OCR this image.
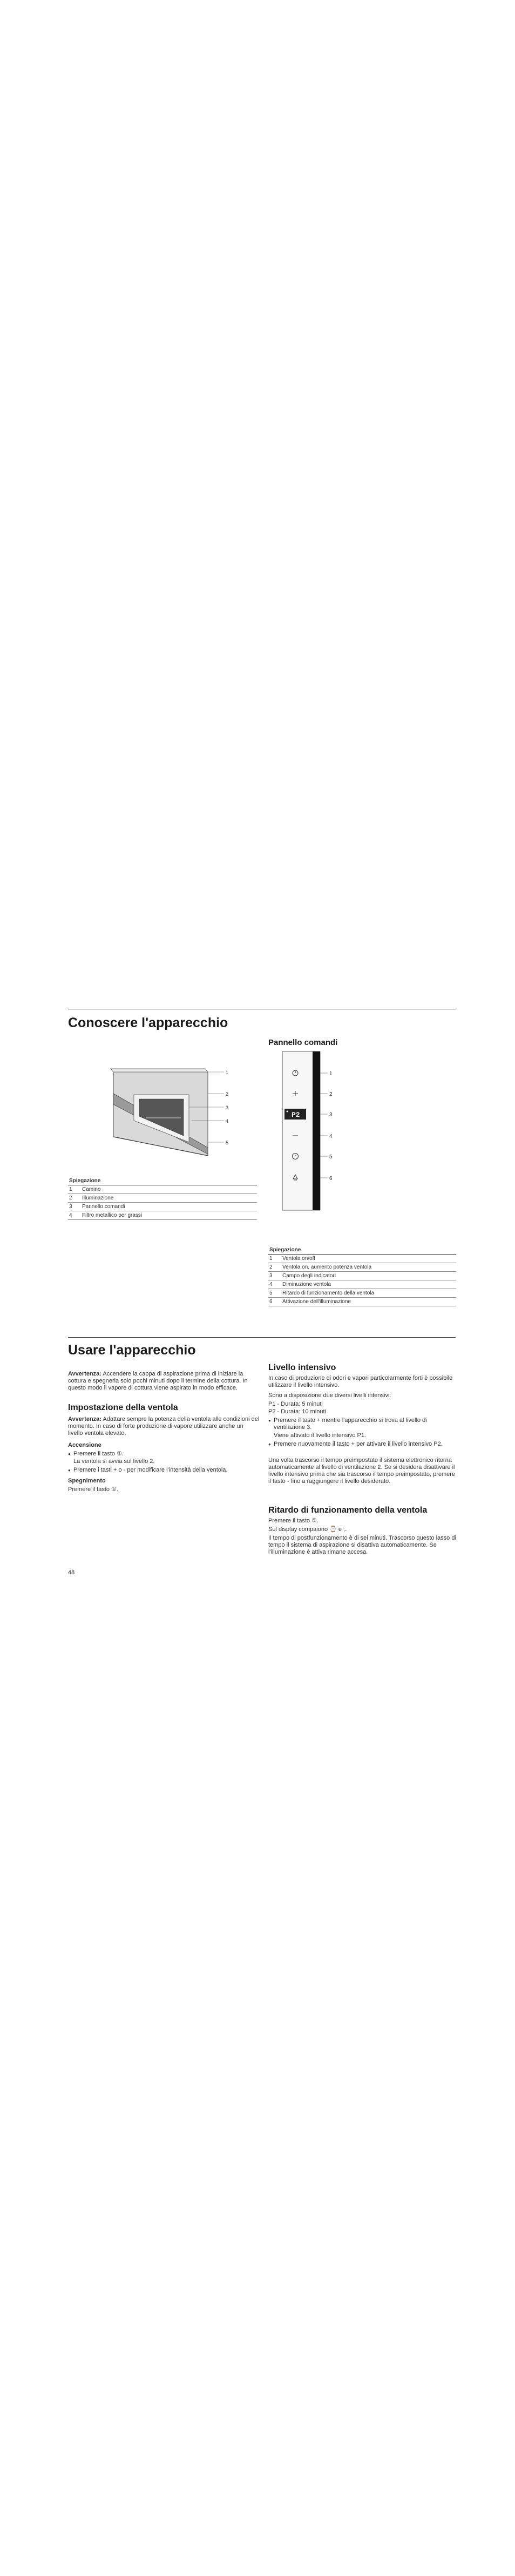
Conoscere l'apparecchio
1
2
3
4
5
Spiegazione	
1	Camino
2	Illuminazione
3	Pannello comandi
4	Filtro metallico per grassi
Pannello comandi
P2
1
2
3
4
5
6
Spiegazione	
1	Ventola on/off
2	Ventola on, aumento potenza ventola
3	Campo degli indicatori
4	Diminuzione ventola
5	Ritardo di funzionamento della ventola
6	Attivazione dell'illuminazione
Usare l'apparecchio
Avvertenza: Accendere la cappa di aspirazione prima di iniziare la cottura e spegnerla solo pochi minuti dopo il termine della cottura. In questo modo il vapore di cottura viene aspirato in modo efficace.
Impostazione della ventola
Avvertenza: Adattare sempre la potenza della ventola alle condizioni del momento. In caso di forte produzione di vapore utilizzare anche un livello ventola elevato.
Accensione
● Premere il tasto ①.
La ventola si avvia sul livello 2.
● Premere i tasti + o - per modificare l'intensità della ventola.
Spegnimento
Premere il tasto ①.
Livello intensivo
In caso di produzione di odori e vapori particolarmente forti è possibile utilizzare il livello intensivo.
Sono a disposizione due diversi livelli intensivi:
P1 - Durata: 5 minuti
P2 - Durata: 10 minuti
● Premere il tasto + mentre l'apparecchio si trova al livello di ventilazione 3.
Viene attivato il livello intensivo P1.
● Premere nuovamente il tasto + per attivare il livello intensivo P2.
Una volta trascorso il tempo preimpostato il sistema elettronico ritorna automaticamente al livello di ventilazione 2. Se si desidera disattivare il livello intensivo prima che sia trascorso il tempo preimpostato, premere il tasto - fino a raggiungere il livello desiderato.
Ritardo di funzionamento della ventola
Premere il tasto ⑤.
Sul display compaiono ⌚ e ;.
Il tempo di postfunzionamento è di sei minuti. Trascorso questo lasso di tempo il sistema di aspirazione si disattiva automaticamente. Se l'illuminazione è attiva rimane accesa.
48
